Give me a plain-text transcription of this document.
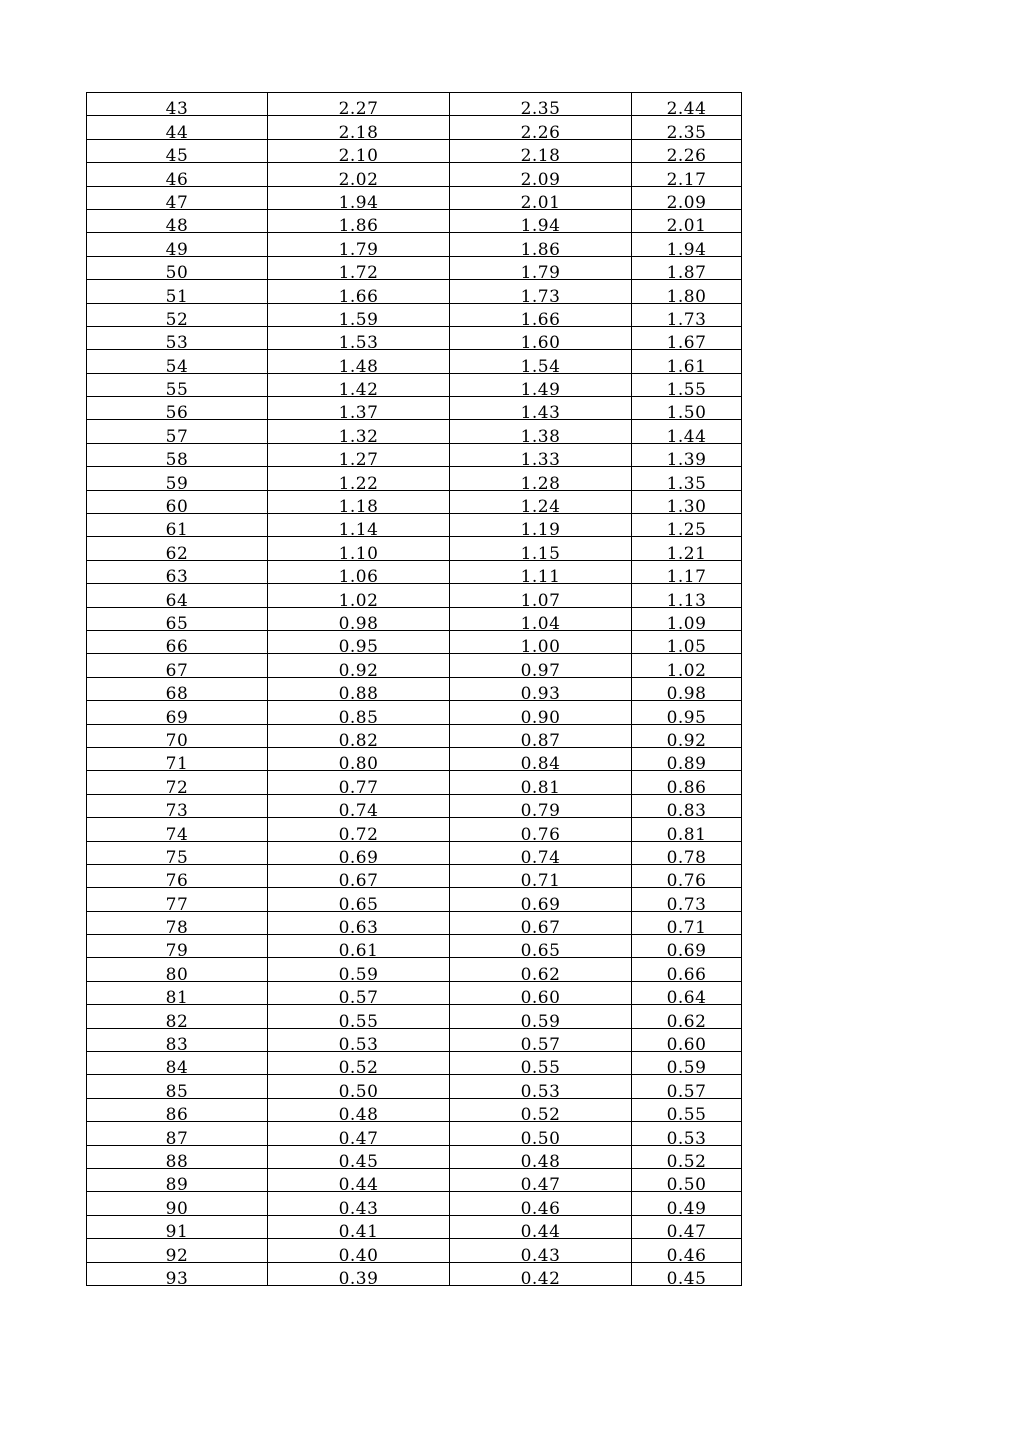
43	2.27	2.35	2.44
44	2.18	2.26	2.35
45	2.10	2.18	2.26
46	2.02	2.09	2.17
47	1.94	2.01	2.09
48	1.86	1.94	2.01
49	1.79	1.86	1.94
50	1.72	1.79	1.87
51	1.66	1.73	1.80
52	1.59	1.66	1.73
53	1.53	1.60	1.67
54	1.48	1.54	1.61
55	1.42	1.49	1.55
56	1.37	1.43	1.50
57	1.32	1.38	1.44
58	1.27	1.33	1.39
59	1.22	1.28	1.35
60	1.18	1.24	1.30
61	1.14	1.19	1.25
62	1.10	1.15	1.21
63	1.06	1.11	1.17
64	1.02	1.07	1.13
65	0.98	1.04	1.09
66	0.95	1.00	1.05
67	0.92	0.97	1.02
68	0.88	0.93	0.98
69	0.85	0.90	0.95
70	0.82	0.87	0.92
71	0.80	0.84	0.89
72	0.77	0.81	0.86
73	0.74	0.79	0.83
74	0.72	0.76	0.81
75	0.69	0.74	0.78
76	0.67	0.71	0.76
77	0.65	0.69	0.73
78	0.63	0.67	0.71
79	0.61	0.65	0.69
80	0.59	0.62	0.66
81	0.57	0.60	0.64
82	0.55	0.59	0.62
83	0.53	0.57	0.60
84	0.52	0.55	0.59
85	0.50	0.53	0.57
86	0.48	0.52	0.55
87	0.47	0.50	0.53
88	0.45	0.48	0.52
89	0.44	0.47	0.50
90	0.43	0.46	0.49
91	0.41	0.44	0.47
92	0.40	0.43	0.46
93	0.39	0.42	0.45
